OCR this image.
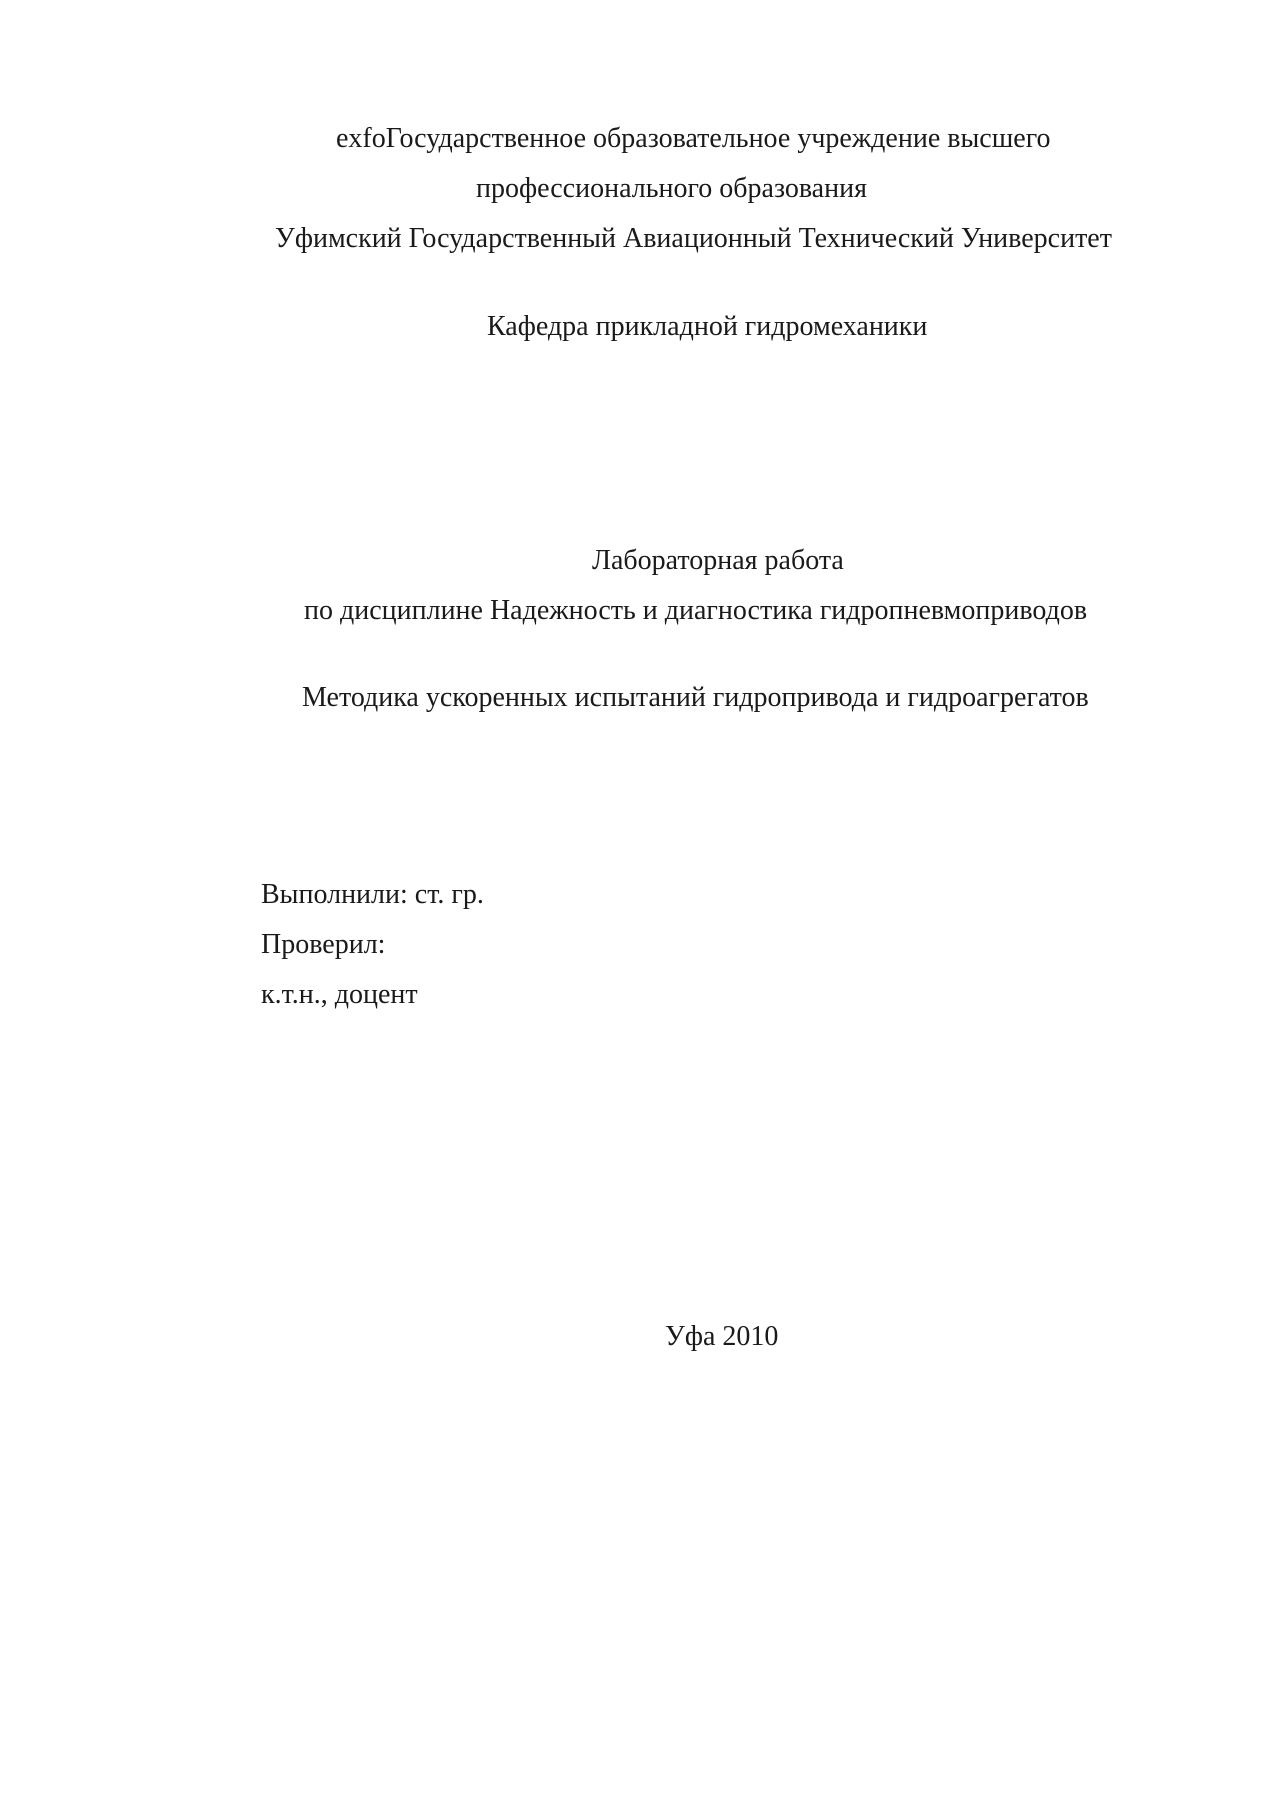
exfoГосударственное образовательное учреждение высшего
профессионального образования
Уфимский Государственный Авиационный Технический Университет
Кафедра прикладной гидромеханики
Лабораторная работа
по дисциплине Надежность и диагностика гидропневмоприводов
Методика ускоренных испытаний гидропривода и гидроагрегатов
Выполнили: ст. гр.
Проверил:
к.т.н., доцент
Уфа 2010
